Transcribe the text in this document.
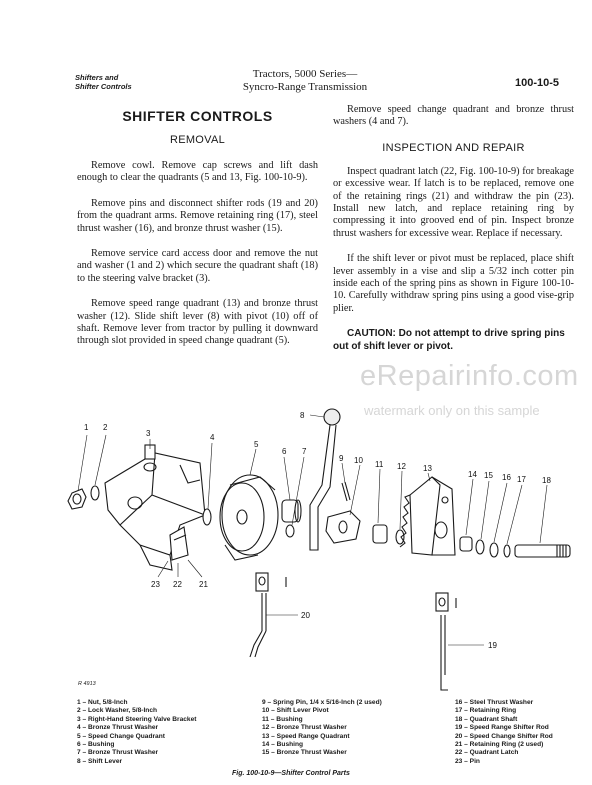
Shifters and
Shifter Controls
Tractors, 5000 Series—
Syncro-Range Transmission	100-10-5
SHIFTER CONTROLS
REMOVAL

Remove cowl. Remove cap screws and lift dash enough to clear the quadrants (5 and 13, Fig. 100-10-9).

Remove pins and disconnect shifter rods (19 and 20) from the quadrant arms. Remove retaining ring (17), steel thrust washer (16), and bronze thrust washer (15).

Remove service card access door and remove the nut and washer (1 and 2) which secure the quadrant shaft (18) to the steering valve bracket (3).

Remove speed range quadrant (13) and bronze thrust washer (12). Slide shift lever (8) with pivot (10) off of shaft. Remove lever from tractor by pulling it downward through slot provided in speed change quadrant (5).

Remove speed change quadrant and bronze thrust washers (4 and 7).

INSPECTION AND REPAIR

Inspect quadrant latch (22, Fig. 100-10-9) for breakage or excessive wear. If latch is to be replaced, remove one of the retaining rings (21) and withdraw the pin (23). Install new latch, and replace retaining ring by compressing it into grooved end of pin. Inspect bronze thrust washers for excessive wear. Replace if necessary.

If the shift lever or pivot must be replaced, place shift lever assembly in a vise and slip a 5/32 inch cotter pin inside each of the spring pins as shown in Figure 100-10-10. Carefully withdraw spring pins using a good vise-grip plier.

CAUTION: Do not attempt to drive spring pins out of shift lever or pivot.
eRepairinfo.com
watermark only on this sample
1 2
3	4
5
6 7
8
9 10 11 12 13
14 15 16 17 18
19
20
21
22
23
R 4913
1 – Nut, 5/8-Inch
2 – Lock Washer, 5/8-Inch
3 – Right-Hand Steering Valve Bracket
4 – Bronze Thrust Washer
5 – Speed Change Quadrant
6 – Bushing
7 – Bronze Thrust Washer
8 – Shift Lever
9 – Spring Pin, 1/4 x 5/16-Inch (2 used)
10 – Shift Lever Pivot
11 – Bushing
12 – Bronze Thrust Washer
13 – Speed Range Quadrant
14 – Bushing
15 – Bronze Thrust Washer
16 – Steel Thrust Washer
17 – Retaining Ring
18 – Quadrant Shaft
19 – Speed Range Shifter Rod
20 – Speed Change Shifter Rod
21 – Retaining Ring (2 used)
22 – Quadrant Latch
23 – Pin
Fig. 100-10-9—Shifter Control Parts
